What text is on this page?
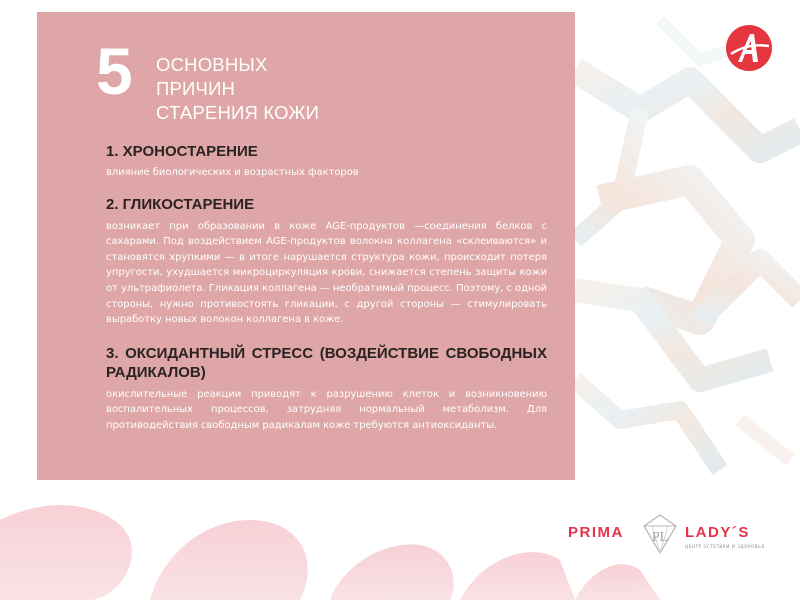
5 ОСНОВНЫХ
ПРИЧИН
СТАРЕНИЯ КОЖИ

1. ХРОНОСТАРЕНИЕ

влияние биологических и возрастных факторов

2. ГЛИКОСТАРЕНИЕ

возникает при образовании в коже AGE-продуктов —соединения белков с сахарами. Под воздействием AGE-продуктов волокна коллагена «склеиваются» и становятся хрупкими — в итоге нарушается структура кожи, происходит потеря упругости, ухудшается микроциркуляция крови, снижается степень защиты кожи от ультрафиолета. Гликация коллагена — необратимый процесс. Поэтому, с одной стороны, нужно противостоять гликации, с другой стороны — стимулировать выработку новых волокон коллагена в коже.

3. ОКСИДАНТНЫЙ СТРЕСС (ВОЗДЕЙСТВИЕ СВОБОДНЫХ РАДИКАЛОВ)

окислительные реакции приводят к разрушению клеток и возникновению воспалительных процессов, затрудняя нормальный метаболизм. Для противодействия свободным радикалам коже требуются антиоксиданты.

PRIMA PL LADY´S
ЦЕНТР ЭСТЕТИКИ И ЗДОРОВЬЯ
